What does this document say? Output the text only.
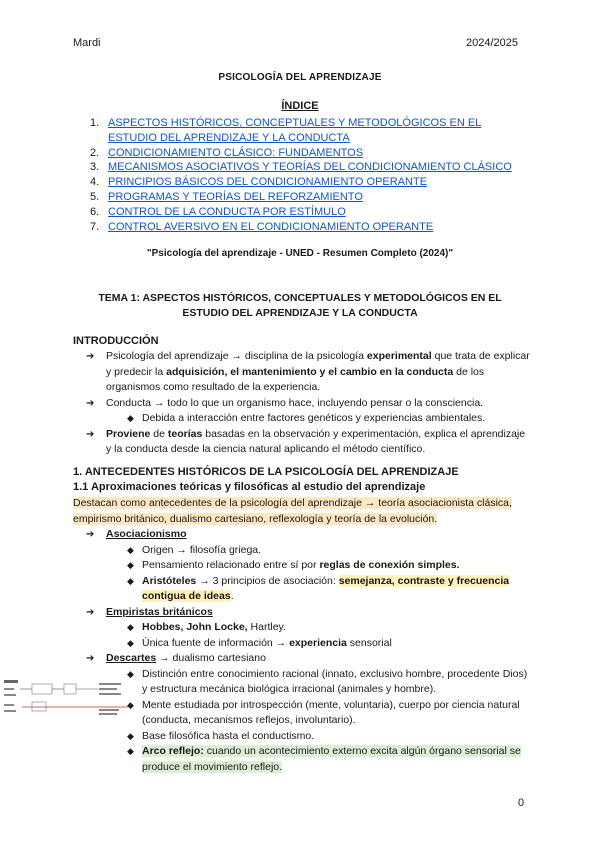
Mardi	2024/2025
PSICOLOGÍA DEL APRENDIZAJE
ÍNDICE
1. ASPECTOS HISTÓRICOS, CONCEPTUALES Y METODOLÓGICOS EN EL
ESTUDIO DEL APRENDIZAJE Y LA CONDUCTA
2. CONDICIONAMIENTO CLÁSICO: FUNDAMENTOS
3. MECANISMOS ASOCIATIVOS Y TEORÍAS DEL CONDICIONAMIENTO CLÁSICO
4. PRINCIPIOS BÁSICOS DEL CONDICIONAMIENTO OPERANTE
5. PROGRAMAS Y TEORÍAS DEL REFORZAMIENTO
6. CONTROL DE LA CONDUCTA POR ESTÍMULO
7. CONTROL AVERSIVO EN EL CONDICIONAMIENTO OPERANTE
"Psicología del aprendizaje - UNED - Resumen Completo (2024)"
TEMA 1: ASPECTOS HISTÓRICOS, CONCEPTUALES Y METODOLÓGICOS EN EL
ESTUDIO DEL APRENDIZAJE Y LA CONDUCTA
INTRODUCCIÓN
➔ Psicología del aprendizaje → disciplina de la psicología experimental que trata de explicar y predecir la adquisición, el mantenimiento y el cambio en la conducta de los organismos como resultado de la experiencia.
➔ Conducta → todo lo que un organismo hace, incluyendo pensar o la consciencia.
◆ Debida a interacción entre factores genéticos y experiencias ambientales.
➔ Proviene de teorías basadas en la observación y experimentación, explica el aprendizaje y la conducta desde la ciencia natural aplicando el método científico.
1. ANTECEDENTES HISTÓRICOS DE LA PSICOLOGÍA DEL APRENDIZAJE
1.1 Aproximaciones teóricas y filosóficas al estudio del aprendizaje
Destacan como antecedentes de la psicología del aprendizaje → teoría asociacionista clásica, empirismo británico, dualismo cartesiano, reflexología y teoría de la evolución.
➔ Asociacionismo
◆ Origen → filosofía griega.
◆ Pensamiento relacionado entre sí por reglas de conexión simples.
◆ Aristóteles → 3 principios de asociación: semejanza, contraste y frecuencia contigua de ideas.
➔ Empiristas británicos
◆ Hobbes, John Locke, Hartley.
◆ Única fuente de información → experiencia sensorial
➔ Descartes → dualismo cartesiano
◆ Distinción entre conocimiento racional (innato, exclusivo hombre, procedente Dios) y estructura mecánica biológica irracional (animales y hombre).
◆ Mente estudiada por introspección (mente, voluntaria), cuerpo por ciencia natural (conducta, mecanismos reflejos, involuntario).
◆ Base filosófica hasta el conductismo.
◆ Arco reflejo: cuando un acontecimiento externo excita algún órgano sensorial se produce el movimiento reflejo.
0
